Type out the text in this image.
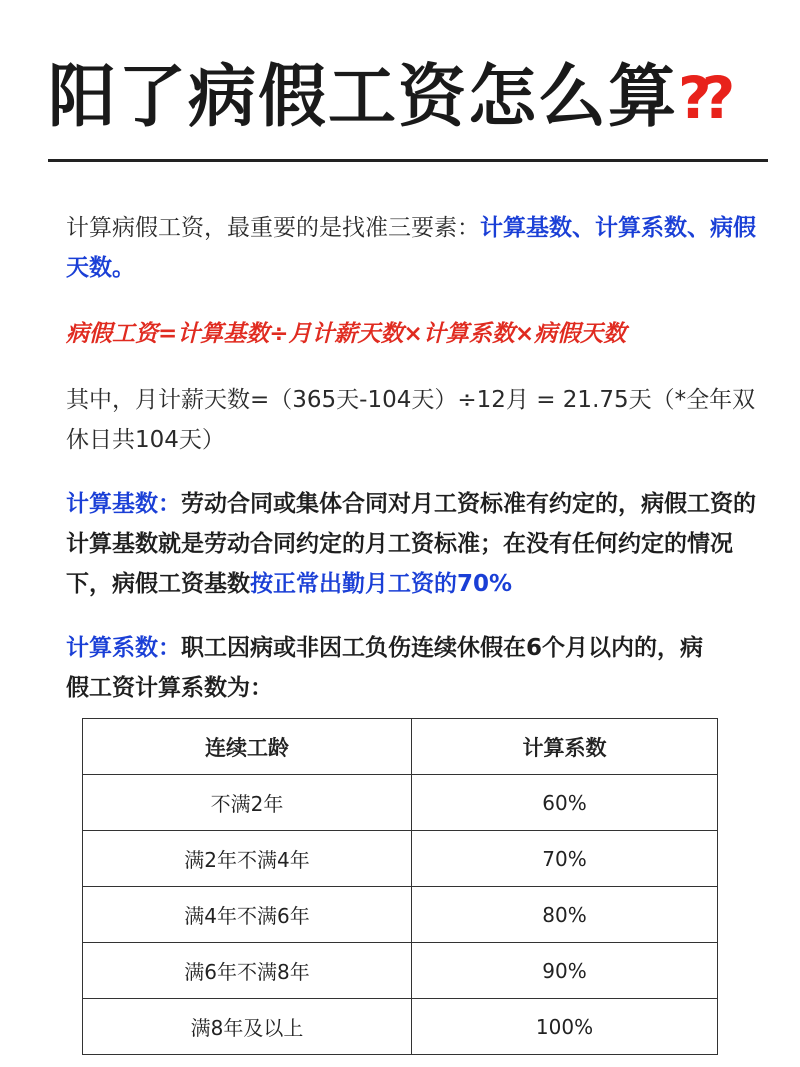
阳了病假工资怎么算??
计算病假工资，最重要的是找准三要素：计算基数、计算系数、病假天数。
病假工资=计算基数÷月计薪天数×计算系数×病假天数
其中，月计薪天数=（365天-104天）÷12月 = 21.75天（*全年双休日共104天）
计算基数：劳动合同或集体合同对月工资标准有约定的，病假工资的计算基数就是劳动合同约定的月工资标准；在没有任何约定的情况下，病假工资基数按正常出勤月工资的70%
计算系数：职工因病或非因工负伤连续休假在6个月以内的，病假工资计算系数为：
连续工龄	计算系数
不满2年	60%
满2年不满4年	70%
满4年不满6年	80%
满6年不满8年	90%
满8年及以上	100%
